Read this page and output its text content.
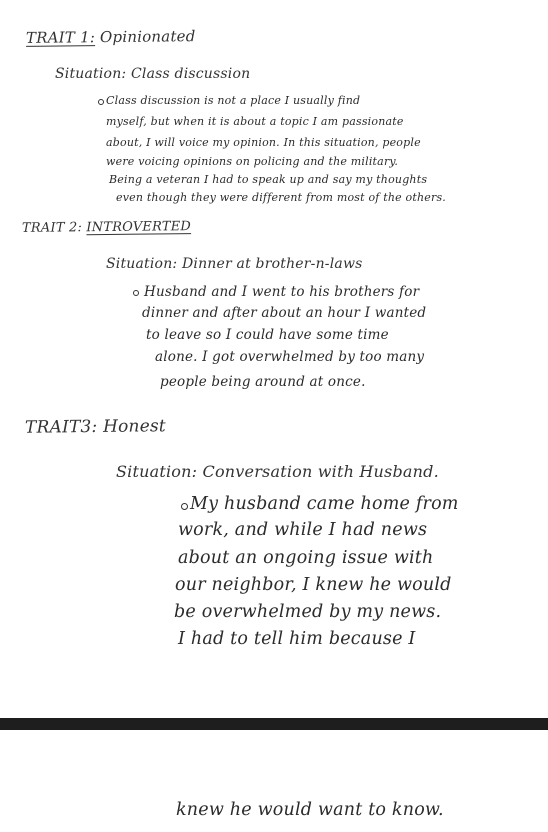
TRAIT 1: Opinionated
Situation: Class discussion
Class discussion is not a place I usually find
myself, but when it is about a topic I am passionate
about, I will voice my opinion. In this situation, people
were voicing opinions on policing and the military.
Being a veteran I had to speak up and say my thoughts
even though they were different from most of the others.
TRAIT 2: INTROVERTED
Situation: Dinner at brother-n-laws
Husband and I went to his brothers for
dinner and after about an hour I wanted
to leave so I could have some time
alone. I got overwhelmed by too many
people being around at once.
TRAIT3: Honest
Situation: Conversation with Husband.
My husband came home from
work, and while I had news
about an ongoing issue with
our neighbor, I knew he would
be overwhelmed by my news.
I had to tell him because I
knew he would want to know.
